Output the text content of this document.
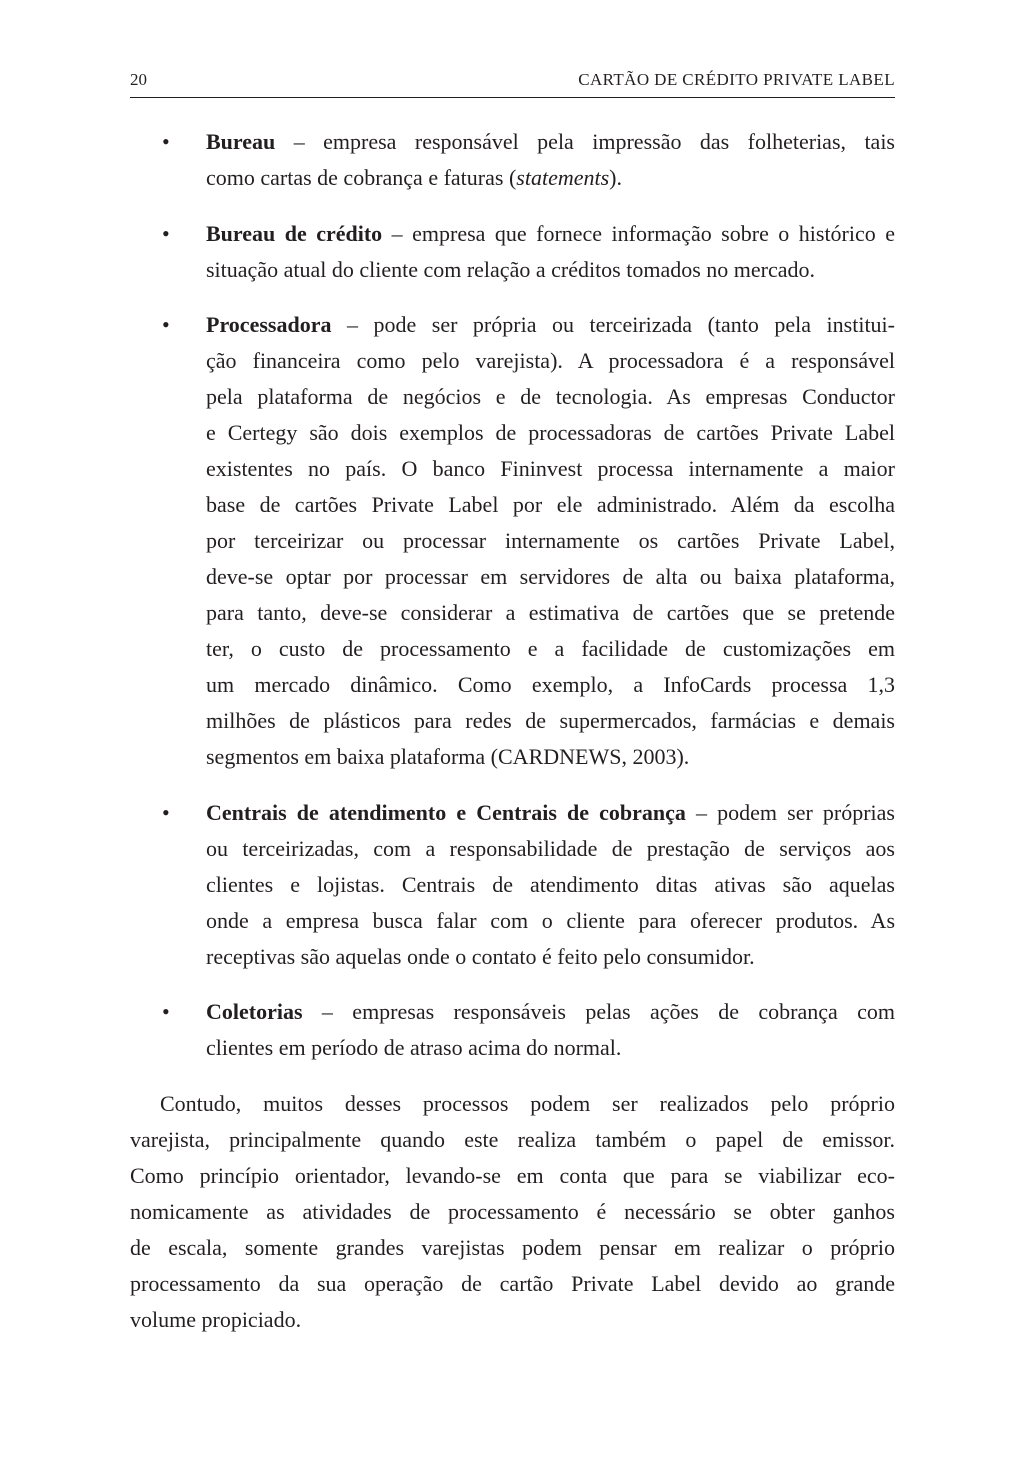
20	CARTÃO DE CRÉDITO PRIVATE LABEL
• Bureau – empresa responsável pela impressão das folheterias, tais
como cartas de cobrança e faturas (statements).
• Bureau de crédito – empresa que fornece informação sobre o histórico e
situação atual do cliente com relação a créditos tomados no mercado.
• Processadora – pode ser própria ou terceirizada (tanto pela institui-
ção financeira como pelo varejista). A processadora é a responsável
pela plataforma de negócios e de tecnologia. As empresas Conductor
e Certegy são dois exemplos de processadoras de cartões Private Label
existentes no país. O banco Fininvest processa internamente a maior
base de cartões Private Label por ele administrado. Além da escolha
por terceirizar ou processar internamente os cartões Private Label,
deve-se optar por processar em servidores de alta ou baixa plataforma,
para tanto, deve-se considerar a estimativa de cartões que se pretende
ter, o custo de processamento e a facilidade de customizações em
um mercado dinâmico. Como exemplo, a InfoCards processa 1,3
milhões de plásticos para redes de supermercados, farmácias e demais
segmentos em baixa plataforma (CARDNEWS, 2003).
• Centrais de atendimento e Centrais de cobrança – podem ser próprias
ou terceirizadas, com a responsabilidade de prestação de serviços aos
clientes e lojistas. Centrais de atendimento ditas ativas são aquelas
onde a empresa busca falar com o cliente para oferecer produtos. As
receptivas são aquelas onde o contato é feito pelo consumidor.
• Coletorias – empresas responsáveis pelas ações de cobrança com
clientes em período de atraso acima do normal.
Contudo, muitos desses processos podem ser realizados pelo próprio
varejista, principalmente quando este realiza também o papel de emissor.
Como princípio orientador, levando-se em conta que para se viabilizar eco-
nomicamente as atividades de processamento é necessário se obter ganhos
de escala, somente grandes varejistas podem pensar em realizar o próprio
processamento da sua operação de cartão Private Label devido ao grande
volume propiciado.
